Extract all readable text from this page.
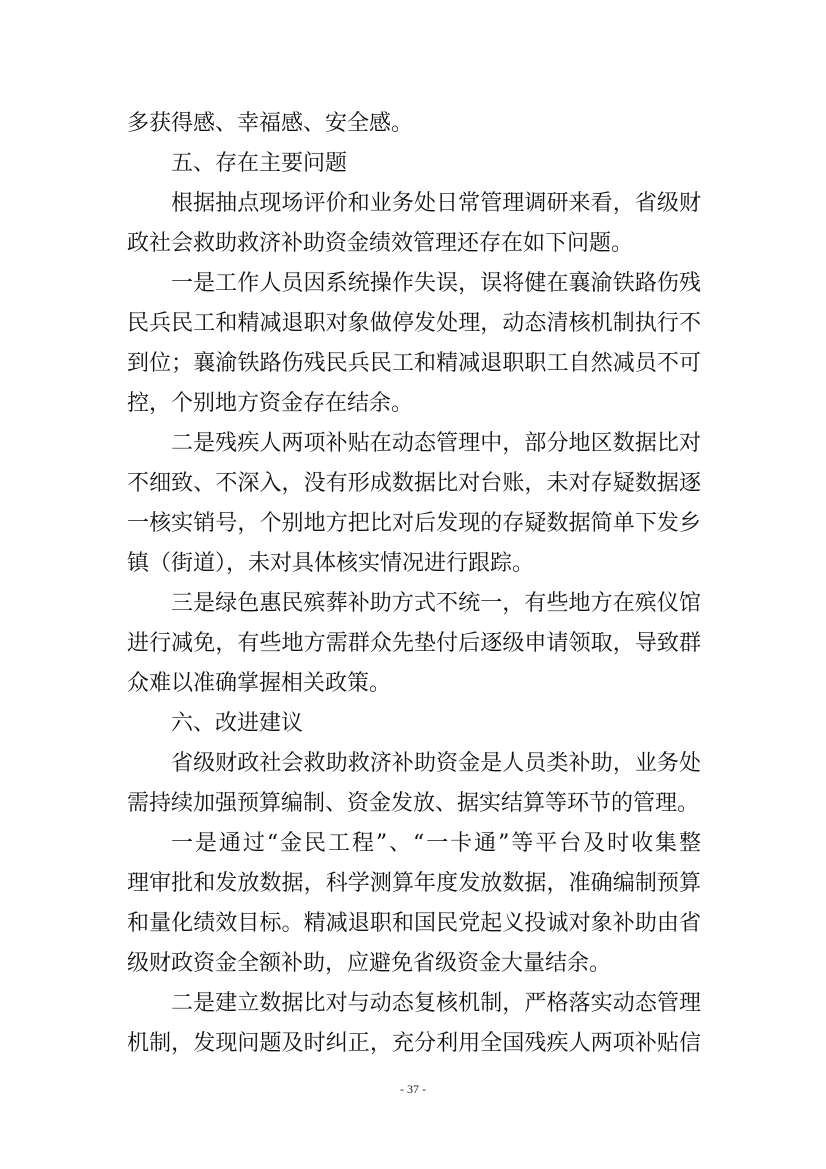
多获得感、幸福感、安全感。
五、存在主要问题
根据抽点现场评价和业务处日常管理调研来看，省级财
政社会救助救济补助资金绩效管理还存在如下问题。
一是工作人员因系统操作失误，误将健在襄渝铁路伤残
民兵民工和精减退职对象做停发处理，动态清核机制执行不
到位；襄渝铁路伤残民兵民工和精减退职职工自然减员不可
控，个别地方资金存在结余。
二是残疾人两项补贴在动态管理中，部分地区数据比对
不细致、不深入，没有形成数据比对台账，未对存疑数据逐
一核实销号，个别地方把比对后发现的存疑数据简单下发乡
镇（街道），未对具体核实情况进行跟踪。
三是绿色惠民殡葬补助方式不统一，有些地方在殡仪馆
进行减免，有些地方需群众先垫付后逐级申请领取，导致群
众难以准确掌握相关政策。
六、改进建议
省级财政社会救助救济补助资金是人员类补助，业务处
需持续加强预算编制、资金发放、据实结算等环节的管理。
一是通过“金民工程”、“一卡通”等平台及时收集整
理审批和发放数据，科学测算年度发放数据，准确编制预算
和量化绩效目标。精减退职和国民党起义投诚对象补助由省
级财政资金全额补助，应避免省级资金大量结余。
二是建立数据比对与动态复核机制，严格落实动态管理
机制，发现问题及时纠正，充分利用全国残疾人两项补贴信
- 37 -
